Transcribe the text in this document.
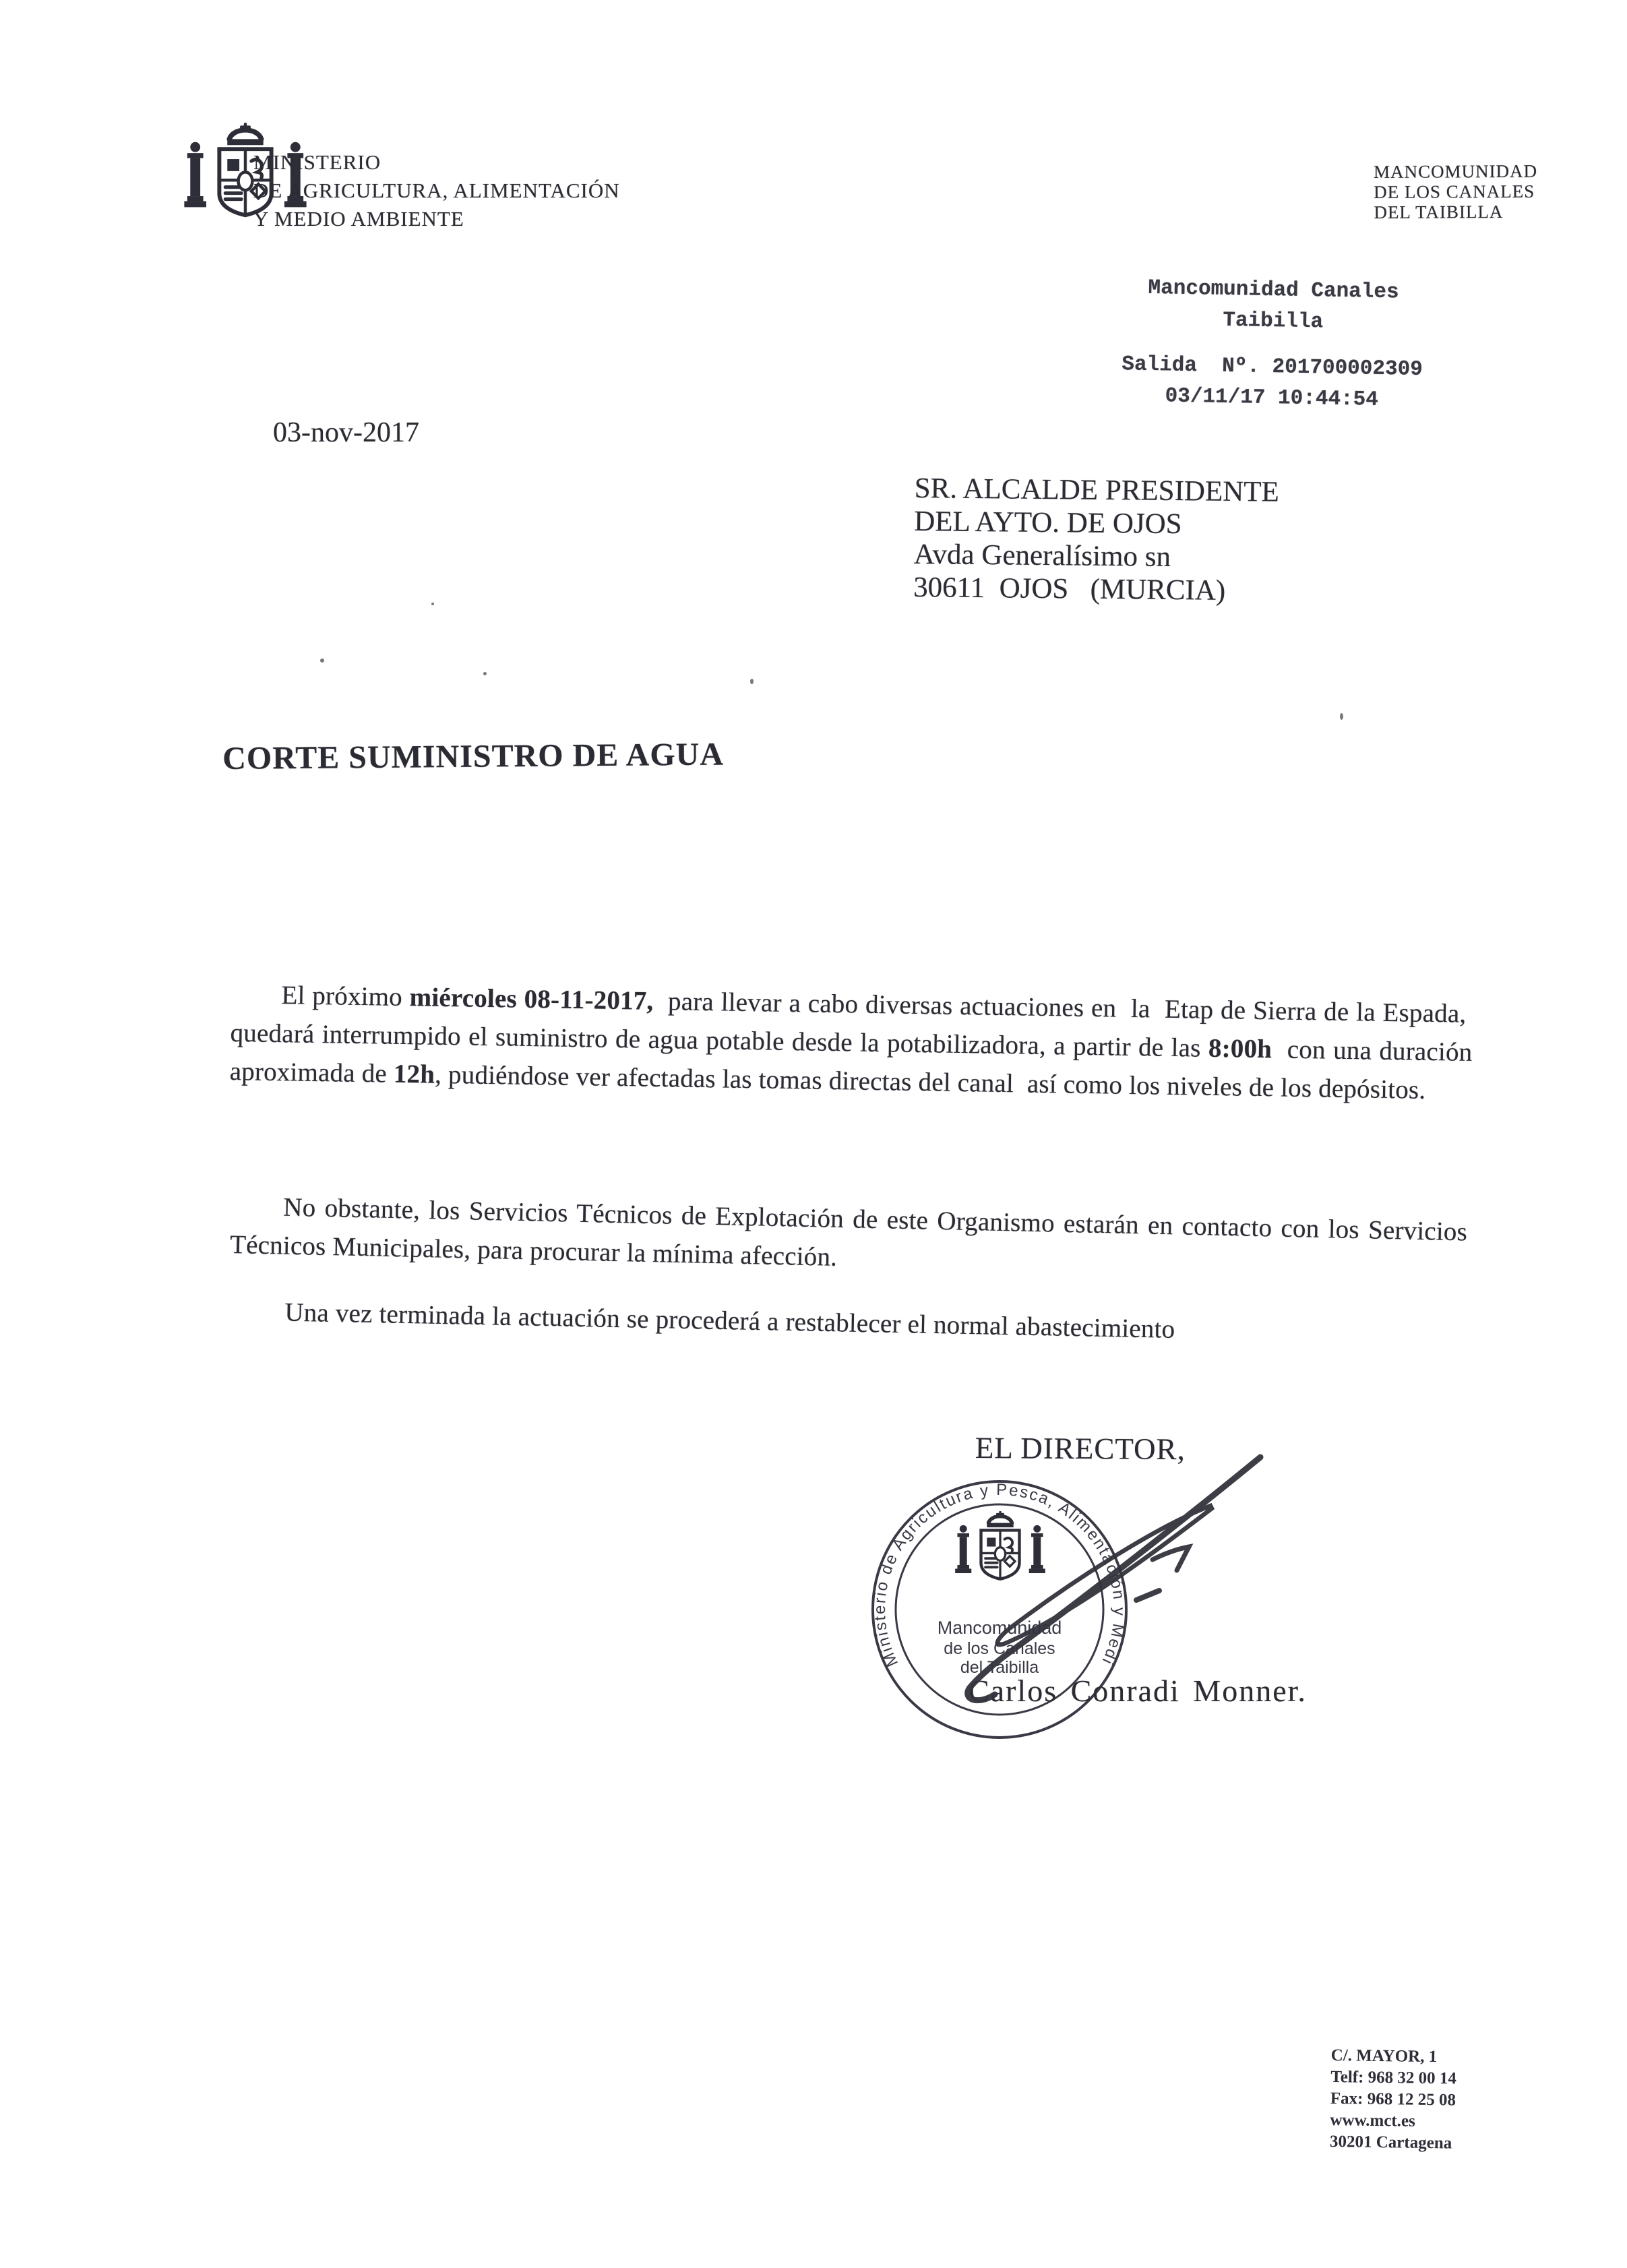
MINISTERIO
DE AGRICULTURA, ALIMENTACIÓN
Y MEDIO AMBIENTE
MANCOMUNIDAD
DE LOS CANALES
DEL TAIBILLA
Mancomunidad Canales
Taibilla
Salida  Nº. 201700002309
03/11/17 10:44:54
03-nov-2017
SR. ALCALDE PRESIDENTE
DEL AYTO. DE OJOS
Avda Generalísimo sn
30611  OJOS   (MURCIA)
CORTE SUMINISTRO DE AGUA

El próximo miércoles 08-11-2017,  para llevar a cabo diversas actuaciones en  la  Etap de Sierra de la Espada,  quedará interrumpido el suministro de agua potable desde la potabilizadora, a partir de las 8:00h  con una duración aproximada de 12h, pudiéndose ver afectadas las tomas directas del canal  así como los niveles de los depósitos.

No obstante, los Servicios Técnicos de Explotación de este Organismo estarán en contacto con los Servicios Técnicos Municipales, para procurar la mínima afección.

Una vez terminada la actuación se procederá a restablecer el normal abastecimiento

EL DIRECTOR,
Ministerio de Agricultura y Pesca, Alimentación y Medio Ambiente
Mancomunidad
de los Canales
del Taibilla
Carlos Conradi Monner.
C/. MAYOR, 1
Telf: 968 32 00 14
Fax: 968 12 25 08
www.mct.es
30201 Cartagena
